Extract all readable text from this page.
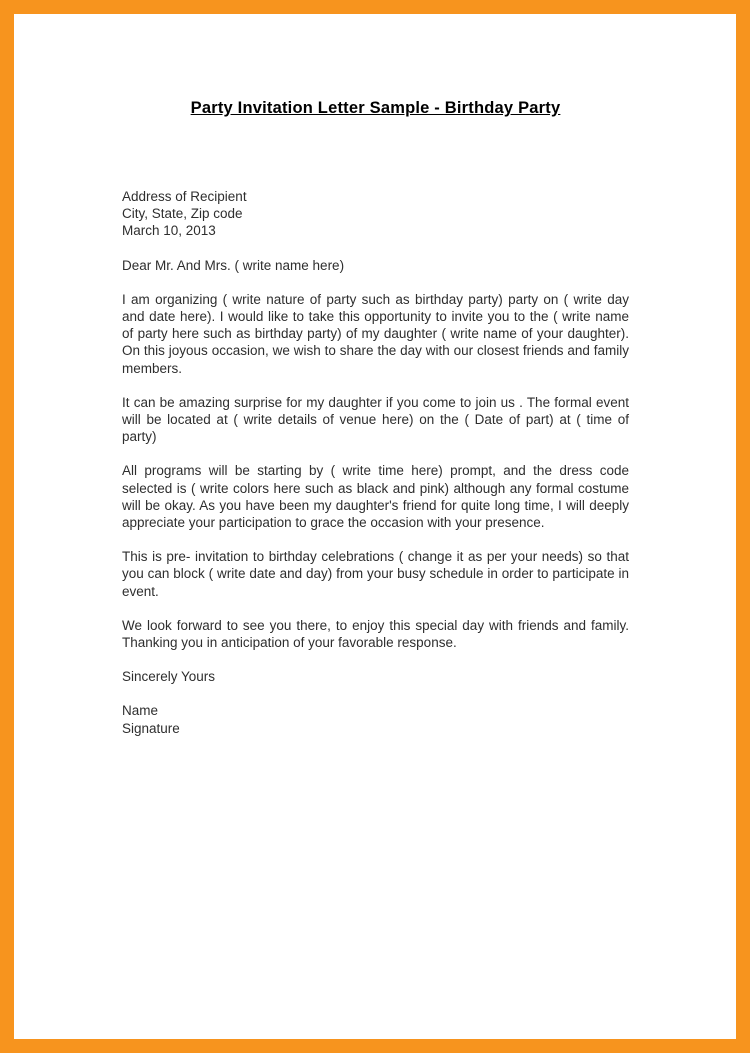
Party Invitation Letter Sample - Birthday Party

Address of Recipient

City, State, Zip code

March 10, 2013

Dear Mr. And Mrs. ( write name here)

I am organizing ( write nature of party such as birthday party) party on ( write day and date here). I would like to take this opportunity to invite you to the ( write name of party here such as birthday party) of my daughter ( write name of your daughter). On this joyous occasion, we wish to share the day with our closest friends and family members.

It can be amazing surprise for my daughter if you come to join us . The formal event will be located at ( write details of venue here) on the ( Date of part) at ( time of party)

All programs will be starting by ( write time here) prompt, and the dress code selected is ( write colors here such as black and pink) although any formal costume will be okay. As you have been my daughter's friend for quite long time, I will deeply appreciate your participation to grace the occasion with your presence.

This is pre- invitation to birthday celebrations ( change it as per your needs) so that you can block ( write date and day) from your busy schedule in order to participate in event.

We look forward to see you there, to enjoy this special day with friends and family. Thanking you in anticipation of your favorable response.

Sincerely Yours

Name

Signature
